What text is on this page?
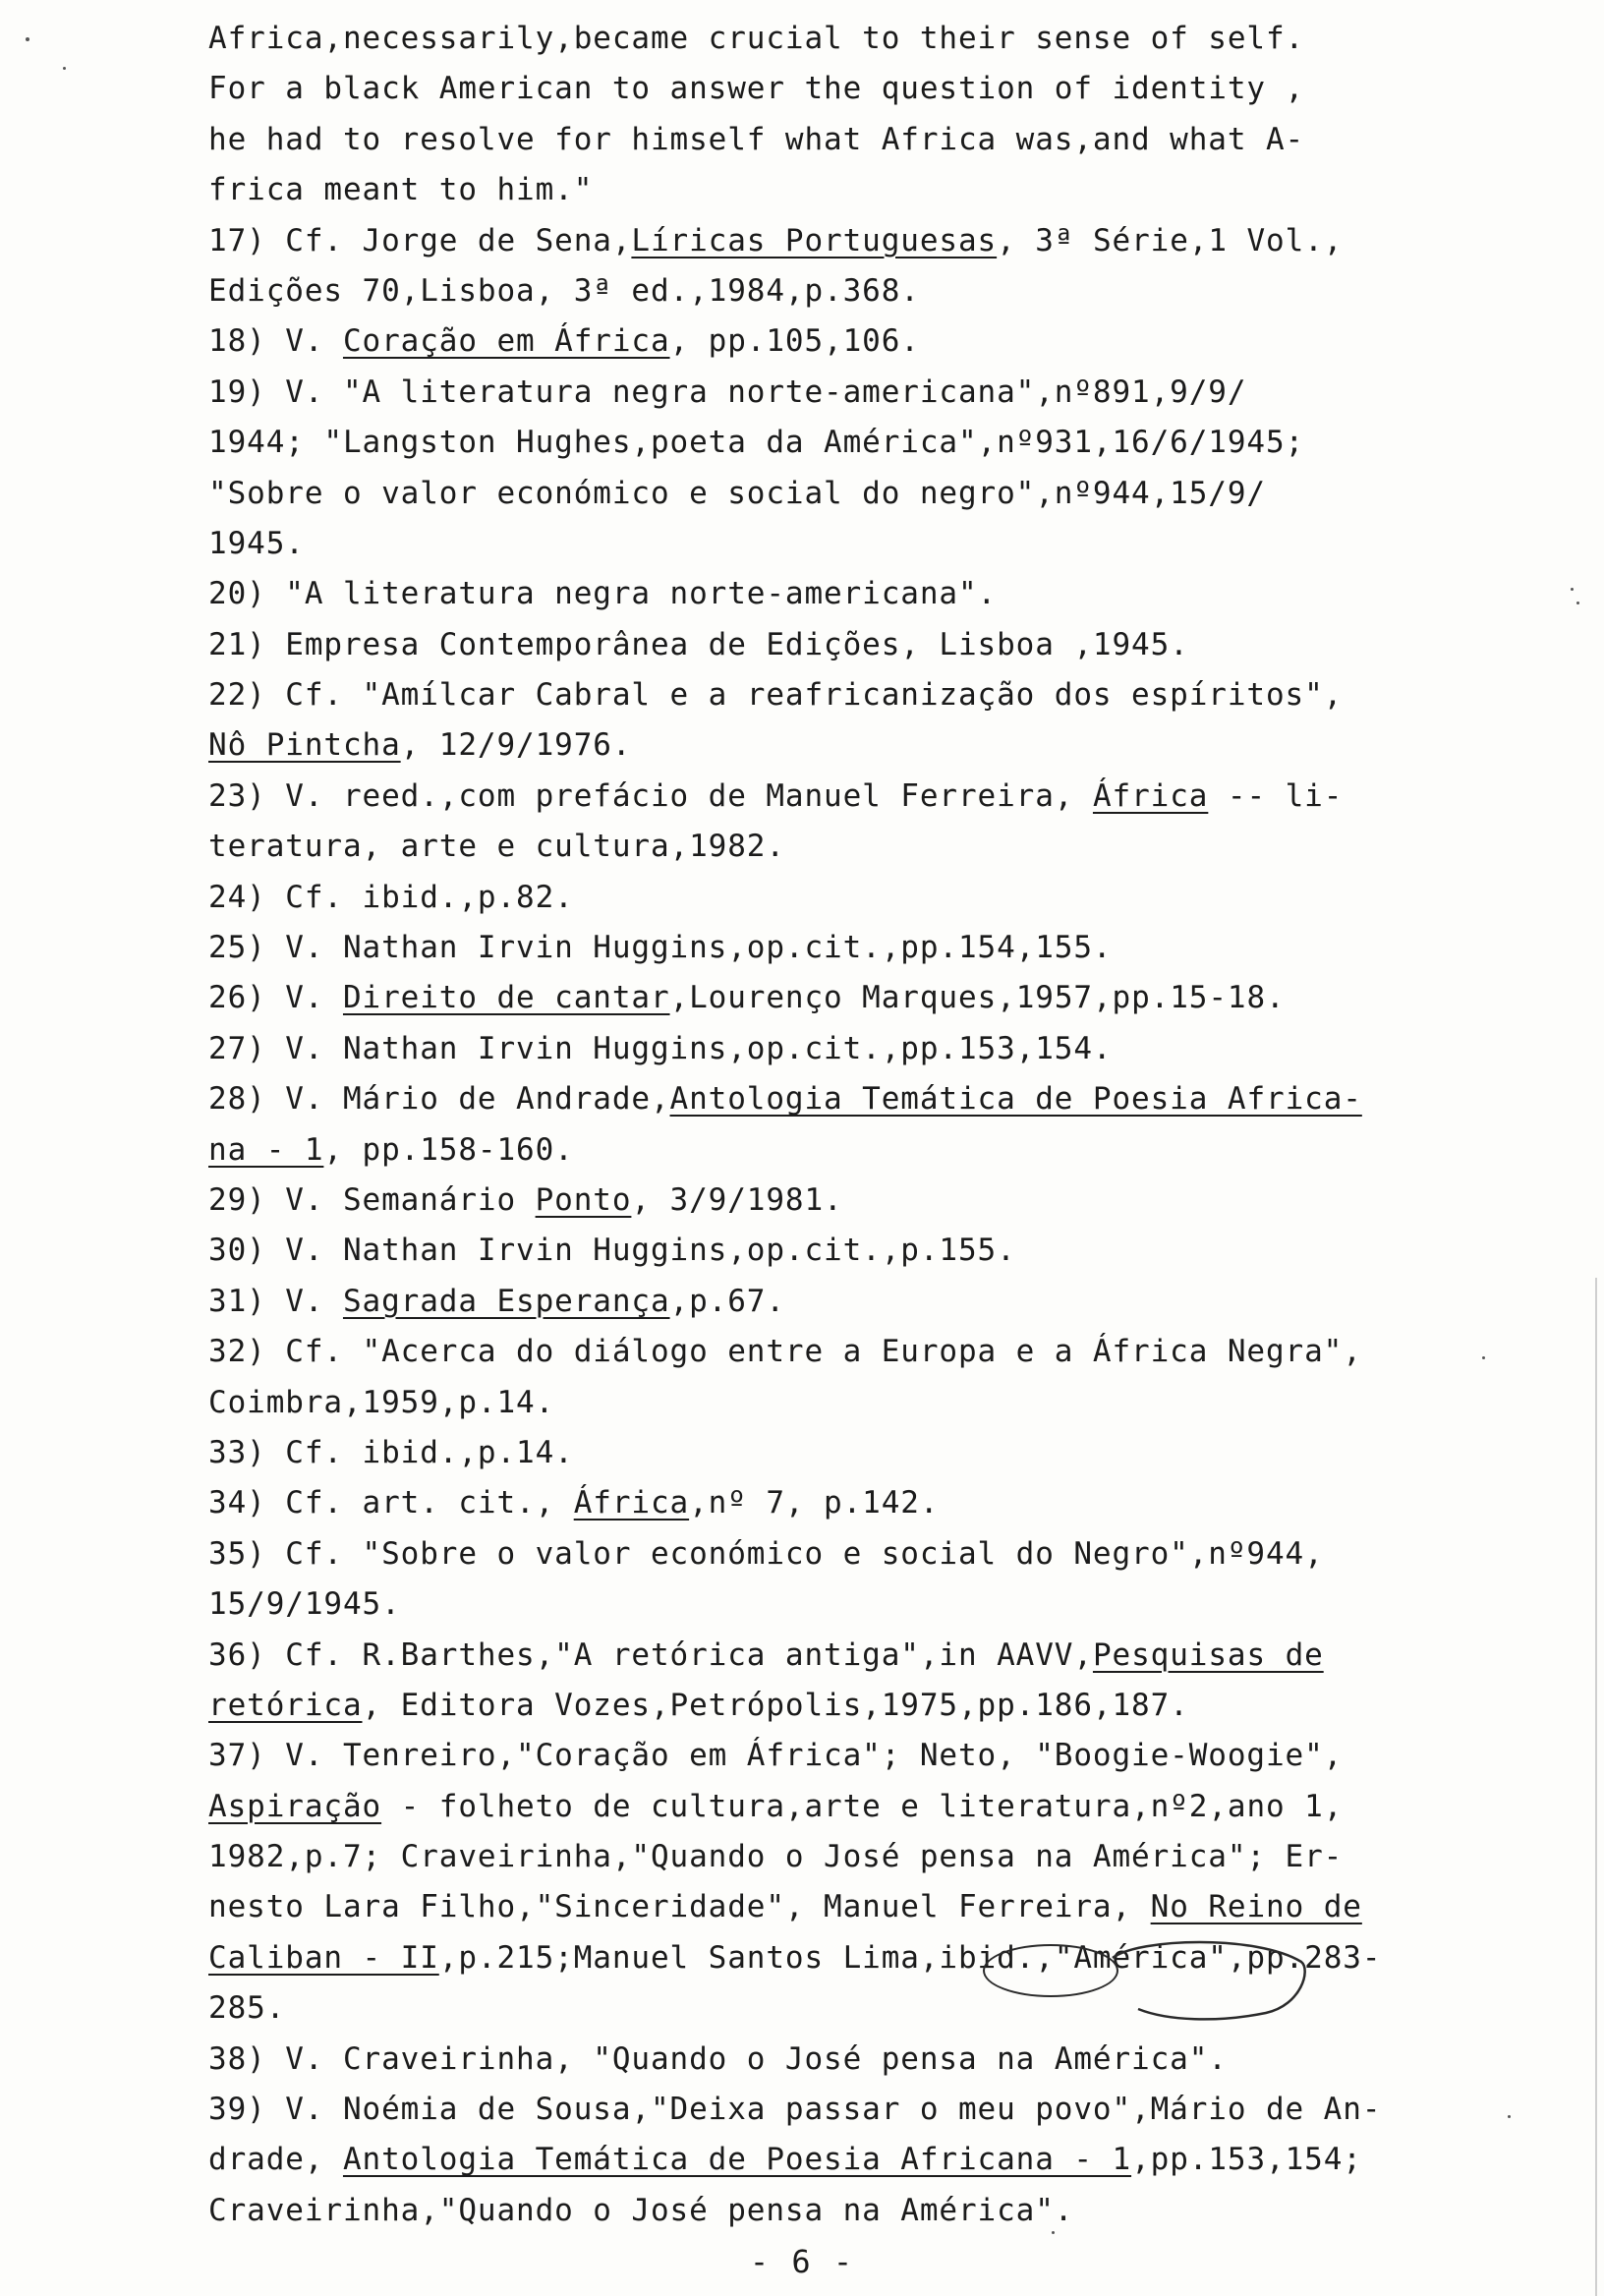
Africa,necessarily,became crucial to their sense of self.
For a black American to answer the question of identity ,
he had to resolve for himself what Africa was,and what A-
frica meant to him."
17) Cf. Jorge de Sena,Líricas Portuguesas, 3ª Série,1 Vol.,
Edições 70,Lisboa, 3ª ed.,1984,p.368.
18) V. Coração em África, pp.105,106.
19) V. "A literatura negra norte-americana",nº891,9/9/
1944; "Langston Hughes,poeta da América",nº931,16/6/1945;
"Sobre o valor económico e social do negro",nº944,15/9/
1945.
20) "A literatura negra norte-americana".
21) Empresa Contemporânea de Edições, Lisboa ,1945.
22) Cf. "Amílcar Cabral e a reafricanização dos espíritos",
Nô Pintcha, 12/9/1976.
23) V. reed.,com prefácio de Manuel Ferreira, África -- li-
teratura, arte e cultura,1982.
24) Cf. ibid.,p.82.
25) V. Nathan Irvin Huggins,op.cit.,pp.154,155.
26) V. Direito de cantar,Lourenço Marques,1957,pp.15-18.
27) V. Nathan Irvin Huggins,op.cit.,pp.153,154.
28) V. Mário de Andrade,Antologia Temática de Poesia Africa-
na - 1, pp.158-160.
29) V. Semanário Ponto, 3/9/1981.
30) V. Nathan Irvin Huggins,op.cit.,p.155.
31) V. Sagrada Esperança,p.67.
32) Cf. "Acerca do diálogo entre a Europa e a África Negra",
Coimbra,1959,p.14.
33) Cf. ibid.,p.14.
34) Cf. art. cit., África,nº 7, p.142.
35) Cf. "Sobre o valor económico e social do Negro",nº944,
15/9/1945.
36) Cf. R.Barthes,"A retórica antiga",in AAVV,Pesquisas de
retórica, Editora Vozes,Petrópolis,1975,pp.186,187.
37) V. Tenreiro,"Coração em África"; Neto, "Boogie-Woogie",
Aspiração - folheto de cultura,arte e literatura,nº2,ano 1,
1982,p.7; Craveirinha,"Quando o José pensa na América"; Er-
nesto Lara Filho,"Sinceridade", Manuel Ferreira, No Reino de
Caliban - II,p.215;Manuel Santos Lima,ibid.,"América",pp.283-
285.
38) V. Craveirinha, "Quando o José pensa na América".
39) V. Noémia de Sousa,"Deixa passar o meu povo",Mário de An-
drade, Antologia Temática de Poesia Africana - 1,pp.153,154;
Craveirinha,"Quando o José pensa na América".
- 6 -
